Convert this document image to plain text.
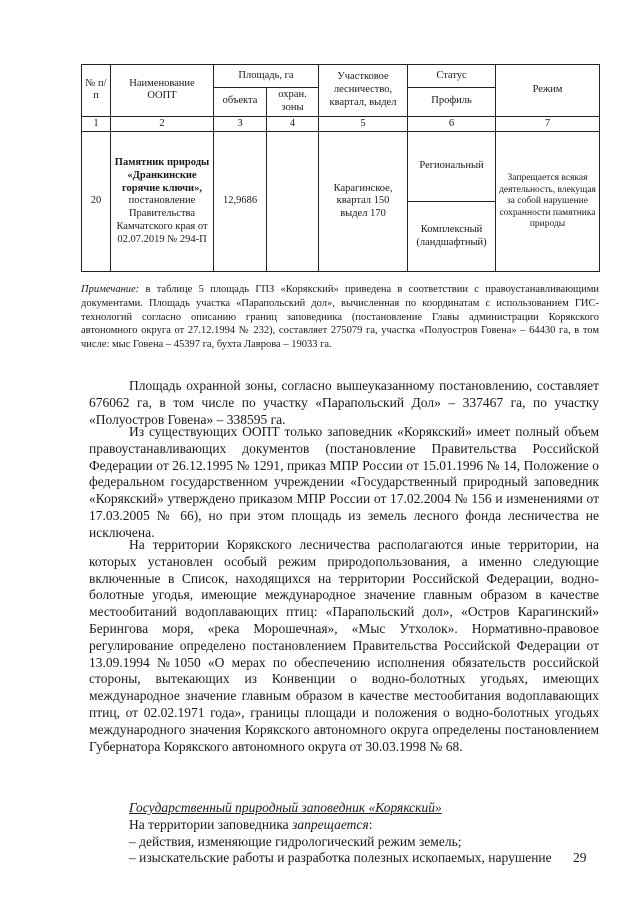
№ п/п	Наименование ООПТ	Площадь, га		Участковое лесничество, квартал, выдел	Статус	Режим
		объекта	охран. зоны		Профиль	
1	2	3	4	5	6	7
20	Памятник природы «Дранкинские горячие ключи», постановление Правительства Камчатского края от 02.07.2019 № 294-П	12,9686		Карагинское, квартал 150 выдел 170	Региональный	Запрещается всякая деятельность, влекущая за собой нарушение сохранности памятника природы
					Комплексный (ландшафтный)	
Примечание: в таблице 5 площадь ГПЗ «Корякский» приведена в соответствии с правоустанавливающими документами. Площадь участка «Парапольский дол», вычисленная по координатам с использованием ГИС-технологий согласно описанию границ заповедника (постановление Главы администрации Корякского автономного округа от 27.12.1994 № 232), составляет 275079 га, участка «Полуостров Говена» – 64430 га, в том числе: мыс Говена – 45397 га, бухта Лаврова – 19033 га.

Площадь охранной зоны, согласно вышеуказанному постановлению, составляет 676062 га, в том числе по участку «Парапольский Дол» – 337467 га, по участку «Полуостров Говена» – 338595 га.

Из существующих ООПТ только заповедник «Корякский» имеет полный объем правоустанавливающих документов (постановление Правительства Российской Федерации от 26.12.1995 № 1291, приказ МПР России от 15.01.1996 № 14, Положение о федеральном государственном учреждении «Государственный природный заповедник «Корякский» утверждено приказом МПР России от 17.02.2004 № 156 и изменениями от 17.03.2005 № 66), но при этом площадь из земель лесного фонда лесничества не исключена.

На территории Корякского лесничества располагаются иные территории, на которых установлен особый режим природопользования, а именно следующие включенные в Список, находящихся на территории Российской Федерации, водно-болотные угодья, имеющие международное значение главным образом в качестве местообитаний водоплавающих птиц: «Парапольский дол», «Остров Карагинский» Берингова моря, «река Морошечная», «Мыс Утхолок». Нормативно-правовое регулирование определено постановлением Правительства Российской Федерации от 13.09.1994 №1050 «О мерах по обеспечению исполнения обязательств российской стороны, вытекающих из Конвенции о водно-болотных угодьях, имеющих международное значение главным образом в качестве местообитания водоплавающих птиц, от 02.02.1971 года», границы площади и положения о водно-болотных угодьях международного значения Корякского автономного округа определены постановлением Губернатора Корякского автономного округа от 30.03.1998 № 68.

Государственный природный заповедник «Корякский»

На территории заповедника запрещается:

– действия, изменяющие гидрологический режим земель;

– изыскательские работы и разработка полезных ископаемых, нарушение	29
